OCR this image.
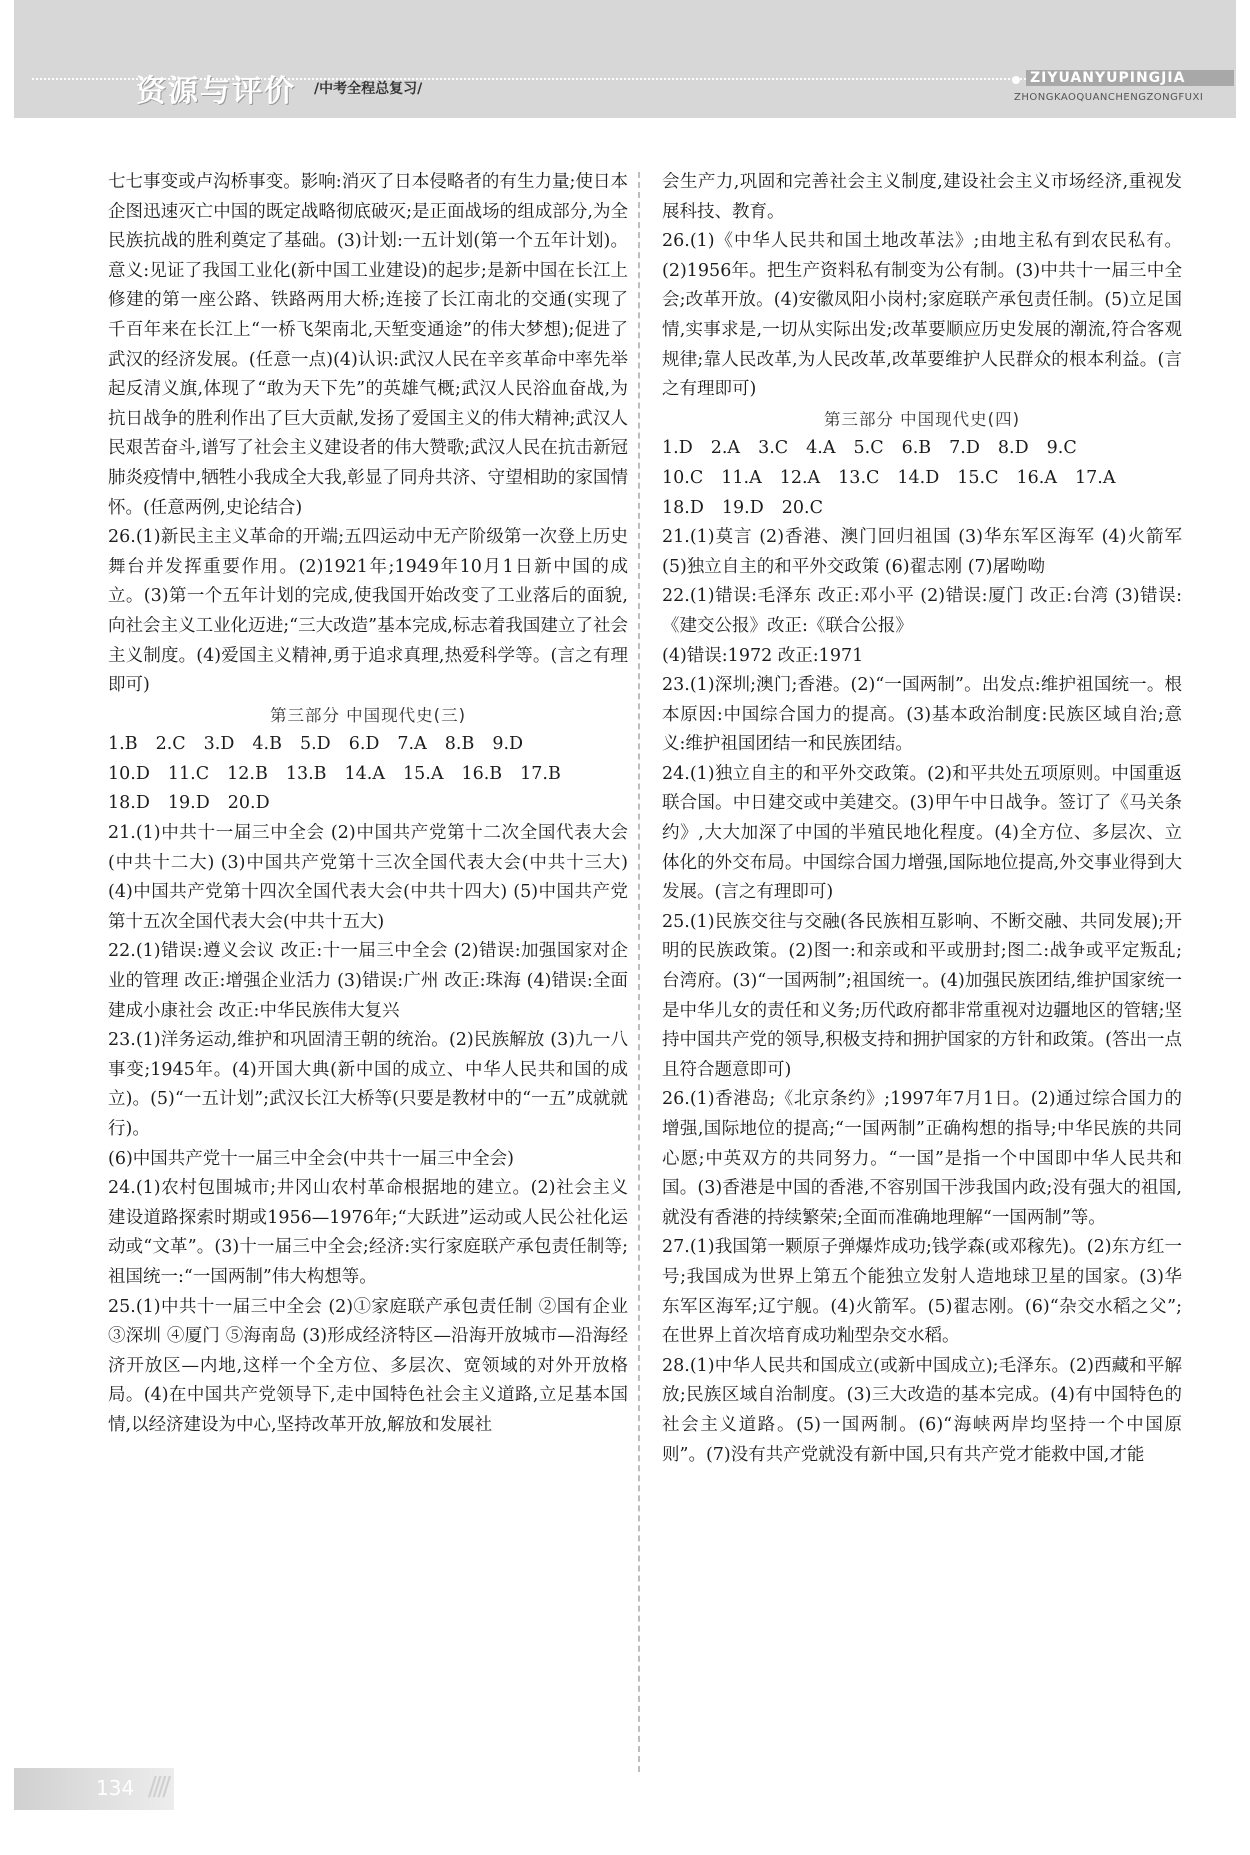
资源与评价 /中考全程总复习/
ZIYUANYUPINGJIA
ZHONGKAOQUANCHENGZONGFUXI

七七事变或卢沟桥事变。影响:消灭了日本侵略者的有生力量;使日本企图迅速灭亡中国的既定战略彻底破灭;是正面战场的组成部分,为全民族抗战的胜利奠定了基础。(3)计划:一五计划(第一个五年计划)。意义:见证了我国工业化(新中国工业建设)的起步;是新中国在长江上修建的第一座公路、铁路两用大桥;连接了长江南北的交通(实现了千百年来在长江上“一桥飞架南北,天堑变通途”的伟大梦想);促进了武汉的经济发展。(任意一点)(4)认识:武汉人民在辛亥革命中率先举起反清义旗,体现了“敢为天下先”的英雄气概;武汉人民浴血奋战,为抗日战争的胜利作出了巨大贡献,发扬了爱国主义的伟大精神;武汉人民艰苦奋斗,谱写了社会主义建设者的伟大赞歌;武汉人民在抗击新冠肺炎疫情中,牺牲小我成全大我,彰显了同舟共济、守望相助的家国情怀。(任意两例,史论结合)

26.(1)新民主主义革命的开端;五四运动中无产阶级第一次登上历史舞台并发挥重要作用。(2)1921年;1949年10月1日新中国的成立。(3)第一个五年计划的完成,使我国开始改变了工业落后的面貌,向社会主义工业化迈进;“三大改造”基本完成,标志着我国建立了社会主义制度。(4)爱国主义精神,勇于追求真理,热爱科学等。(言之有理即可)

第三部分 中国现代史(三)

1.B 2.C 3.D 4.B 5.D 6.D 7.A 8.B 9.D
10.D 11.C 12.B 13.B 14.A 15.A 16.B 17.B
18.D 19.D 20.D

21.(1)中共十一届三中全会 (2)中国共产党第十二次全国代表大会(中共十二大) (3)中国共产党第十三次全国代表大会(中共十三大) (4)中国共产党第十四次全国代表大会(中共十四大) (5)中国共产党第十五次全国代表大会(中共十五大)

22.(1)错误:遵义会议 改正:十一届三中全会 (2)错误:加强国家对企业的管理 改正:增强企业活力 (3)错误:广州 改正:珠海 (4)错误:全面建成小康社会 改正:中华民族伟大复兴

23.(1)洋务运动,维护和巩固清王朝的统治。(2)民族解放 (3)九一八事变;1945年。(4)开国大典(新中国的成立、中华人民共和国的成立)。(5)“一五计划”;武汉长江大桥等(只要是教材中的“一五”成就就行)。

(6)中国共产党十一届三中全会(中共十一届三中全会)

24.(1)农村包围城市;井冈山农村革命根据地的建立。(2)社会主义建设道路探索时期或1956—1976年;“大跃进”运动或人民公社化运动或“文革”。(3)十一届三中全会;经济:实行家庭联产承包责任制等;祖国统一:“一国两制”伟大构想等。

25.(1)中共十一届三中全会 (2)①家庭联产承包责任制 ②国有企业 ③深圳 ④厦门 ⑤海南岛 (3)形成经济特区—沿海开放城市—沿海经济开放区—内地,这样一个全方位、多层次、宽领域的对外开放格局。(4)在中国共产党领导下,走中国特色社会主义道路,立足基本国情,以经济建设为中心,坚持改革开放,解放和发展社

会生产力,巩固和完善社会主义制度,建设社会主义市场经济,重视发展科技、教育。

26.(1)《中华人民共和国土地改革法》;由地主私有到农民私有。(2)1956年。把生产资料私有制变为公有制。(3)中共十一届三中全会;改革开放。(4)安徽凤阳小岗村;家庭联产承包责任制。(5)立足国情,实事求是,一切从实际出发;改革要顺应历史发展的潮流,符合客观规律;靠人民改革,为人民改革,改革要维护人民群众的根本利益。(言之有理即可)

第三部分 中国现代史(四)

1.D 2.A 3.C 4.A 5.C 6.B 7.D 8.D 9.C
10.C 11.A 12.A 13.C 14.D 15.C 16.A 17.A
18.D 19.D 20.C

21.(1)莫言 (2)香港、澳门回归祖国 (3)华东军区海军 (4)火箭军 (5)独立自主的和平外交政策 (6)翟志刚 (7)屠呦呦

22.(1)错误:毛泽东 改正:邓小平 (2)错误:厦门 改正:台湾 (3)错误:《建交公报》改正:《联合公报》

(4)错误:1972 改正:1971

23.(1)深圳;澳门;香港。(2)“一国两制”。出发点:维护祖国统一。根本原因:中国综合国力的提高。(3)基本政治制度:民族区域自治;意义:维护祖国团结一和民族团结。

24.(1)独立自主的和平外交政策。(2)和平共处五项原则。中国重返联合国。中日建交或中美建交。(3)甲午中日战争。签订了《马关条约》,大大加深了中国的半殖民地化程度。(4)全方位、多层次、立体化的外交布局。中国综合国力增强,国际地位提高,外交事业得到大发展。(言之有理即可)

25.(1)民族交往与交融(各民族相互影响、不断交融、共同发展);开明的民族政策。(2)图一:和亲或和平或册封;图二:战争或平定叛乱;台湾府。(3)“一国两制”;祖国统一。(4)加强民族团结,维护国家统一是中华儿女的责任和义务;历代政府都非常重视对边疆地区的管辖;坚持中国共产党的领导,积极支持和拥护国家的方针和政策。(答出一点且符合题意即可)

26.(1)香港岛;《北京条约》;1997年7月1日。(2)通过综合国力的增强,国际地位的提高;“一国两制”正确构想的指导;中华民族的共同心愿;中英双方的共同努力。“一国”是指一个中国即中华人民共和国。(3)香港是中国的香港,不容别国干涉我国内政;没有强大的祖国,就没有香港的持续繁荣;全面而准确地理解“一国两制”等。

27.(1)我国第一颗原子弹爆炸成功;钱学森(或邓稼先)。(2)东方红一号;我国成为世界上第五个能独立发射人造地球卫星的国家。(3)华东军区海军;辽宁舰。(4)火箭军。(5)翟志刚。(6)“杂交水稻之父”;在世界上首次培育成功籼型杂交水稻。

28.(1)中华人民共和国成立(或新中国成立);毛泽东。(2)西藏和平解放;民族区域自治制度。(3)三大改造的基本完成。(4)有中国特色的社会主义道路。(5)一国两制。(6)“海峡两岸均坚持一个中国原则”。(7)没有共产党就没有新中国,只有共产党才能救中国,才能

134 ////
